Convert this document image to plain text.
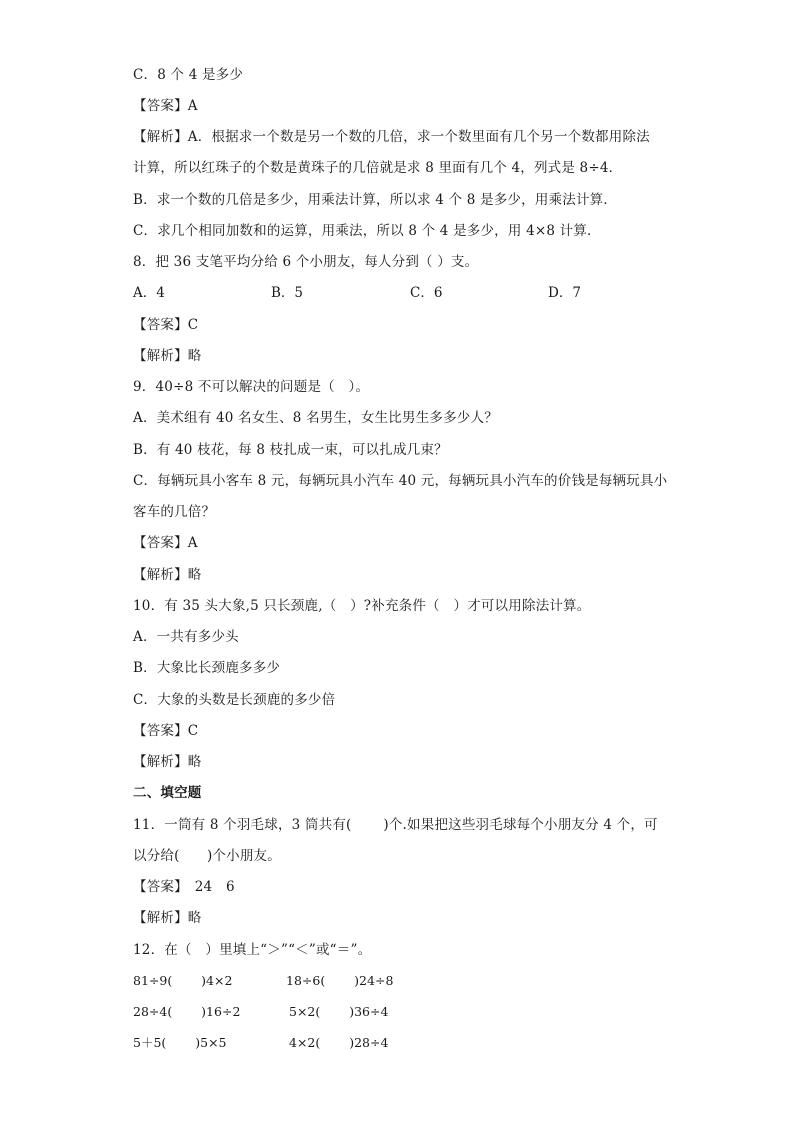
C．8 个 4 是多少
【答案】A
【解析】A．根据求一个数是另一个数的几倍，求一个数里面有几个另一个数都用除法
计算，所以红珠子的个数是黄珠子的几倍就是求 8 里面有几个 4，列式是 8÷4．
B．求一个数的几倍是多少，用乘法计算，所以求 4 个 8 是多少，用乘法计算．
C．求几个相同加数和的运算，用乘法，所以 8 个 4 是多少，用 4×8 计算．
8．把 36 支笔平均分给 6 个小朋友，每人分到（ ）支。
A．4	B．5	C．6	D．7
【答案】C
【解析】略
9．40÷8 不可以解决的问题是（　）。
A．美术组有 40 名女生、8 名男生，女生比男生多多少人？
B．有 40 枝花，每 8 枝扎成一束，可以扎成几束？
C．每辆玩具小客车 8 元，每辆玩具小汽车 40 元，每辆玩具小汽车的价钱是每辆玩具小
客车的几倍？
【答案】A
【解析】略
10．有 35 头大象,5 只长颈鹿,（　）?补充条件（　）才可以用除法计算。
A．一共有多少头
B．大象比长颈鹿多多少
C．大象的头数是长颈鹿的多少倍
【答案】C
【解析】略
二、填空题
11．一筒有 8 个羽毛球，3 筒共有(　　 )个.如果把这些羽毛球每个小朋友分 4 个，可
以分给(　　)个小朋友。
【答案】　24　6
【解析】略
12．在（　）里填上“＞”“＜”或“＝”。
81÷9(　　 )4×2	18÷6(　　 )24÷8
28÷4(　　 )16÷2	5×2(　　 )36÷4
5＋5(　　 )5×5	4×2(　　 )28÷4
